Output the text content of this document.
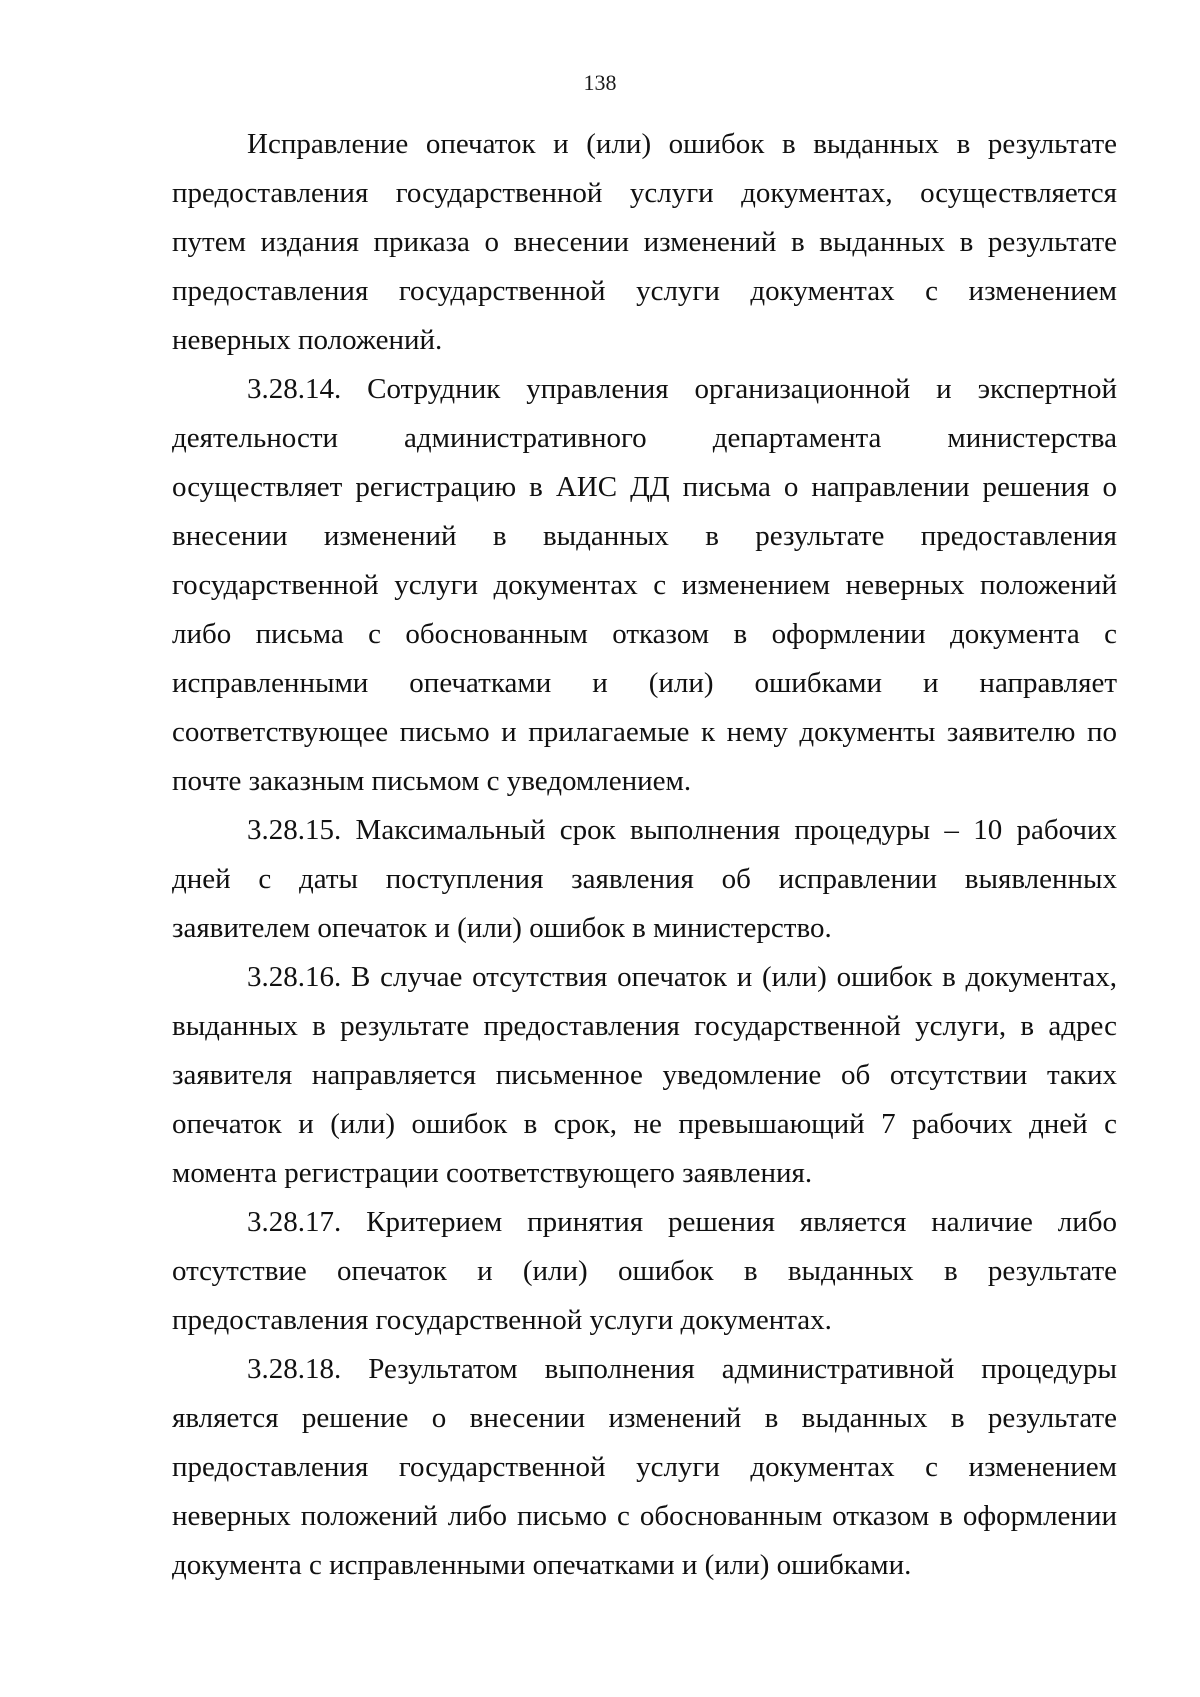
138

Исправление опечаток и (или) ошибок в выданных в результате предоставления государственной услуги документах, осуществляется путем издания приказа о внесении изменений в выданных в результате предоставления государственной услуги документах с изменением неверных положений.

3.28.14. Сотрудник управления организационной и экспертной деятельности административного департамента министерства осуществляет регистрацию в АИС ДД письма о направлении решения о внесении изменений в выданных в результате предоставления государственной услуги документах с изменением неверных положений либо письма с обоснованным отказом в оформлении документа с исправленными опечатками и (или) ошибками и направляет соответствующее письмо и прилагаемые к нему документы заявителю по почте заказным письмом с уведомлением.

3.28.15. Максимальный срок выполнения процедуры – 10 рабочих дней с даты поступления заявления об исправлении выявленных заявителем опечаток и (или) ошибок в министерство.

3.28.16. В случае отсутствия опечаток и (или) ошибок в документах, выданных в результате предоставления государственной услуги, в адрес заявителя направляется письменное уведомление об отсутствии таких опечаток и (или) ошибок в срок, не превышающий 7 рабочих дней с момента регистрации соответствующего заявления.

3.28.17. Критерием принятия решения является наличие либо отсутствие опечаток и (или) ошибок в выданных в результате предоставления государственной услуги документах.

3.28.18. Результатом выполнения административной процедуры является решение о внесении изменений в выданных в результате предоставления государственной услуги документах с изменением неверных положений либо письмо с обоснованным отказом в оформлении документа с исправленными опечатками и (или) ошибками.
